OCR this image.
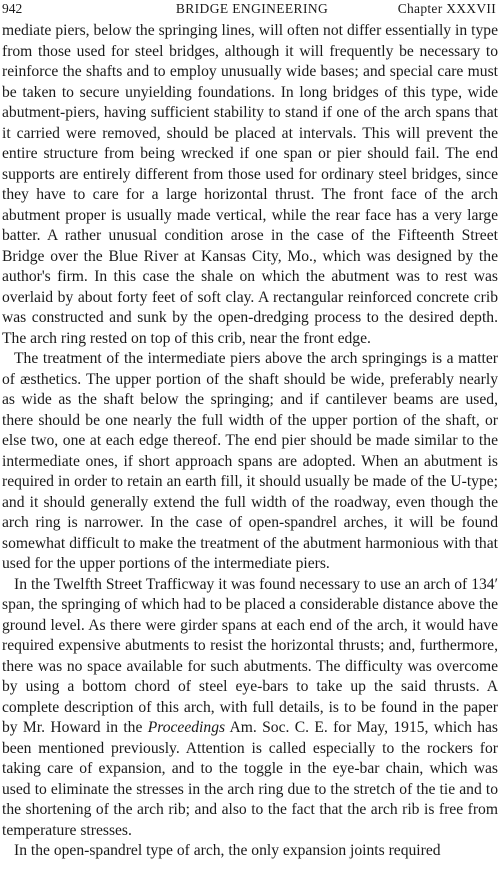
942	BRIDGE ENGINEERING	Chapter XXXVII

mediate piers, below the springing lines, will often not differ essentially in type from those used for steel bridges, although it will frequently be necessary to reinforce the shafts and to employ unusually wide bases; and special care must be taken to secure unyielding foundations. In long bridges of this type, wide abutment-piers, having sufficient stability to stand if one of the arch spans that it carried were removed, should be placed at intervals. This will prevent the entire structure from being wrecked if one span or pier should fail. The end supports are entirely different from those used for ordinary steel bridges, since they have to care for a large horizontal thrust. The front face of the arch abutment proper is usually made vertical, while the rear face has a very large batter. A rather unusual condition arose in the case of the Fifteenth Street Bridge over the Blue River at Kansas City, Mo., which was designed by the author's firm. In this case the shale on which the abutment was to rest was overlaid by about forty feet of soft clay. A rectangular reinforced concrete crib was constructed and sunk by the open-dredging process to the desired depth. The arch ring rested on top of this crib, near the front edge.

The treatment of the intermediate piers above the arch springings is a matter of æsthetics. The upper portion of the shaft should be wide, preferably nearly as wide as the shaft below the springing; and if cantilever beams are used, there should be one nearly the full width of the upper portion of the shaft, or else two, one at each edge thereof. The end pier should be made similar to the intermediate ones, if short approach spans are adopted. When an abutment is required in order to retain an earth fill, it should usually be made of the U-type; and it should generally extend the full width of the roadway, even though the arch ring is narrower. In the case of open-spandrel arches, it will be found somewhat difficult to make the treatment of the abutment harmonious with that used for the upper portions of the intermediate piers.

In the Twelfth Street Trafficway it was found necessary to use an arch of 134′ span, the springing of which had to be placed a considerable distance above the ground level. As there were girder spans at each end of the arch, it would have required expensive abutments to resist the horizontal thrusts; and, furthermore, there was no space available for such abutments. The difficulty was overcome by using a bottom chord of steel eye-bars to take up the said thrusts. A complete description of this arch, with full details, is to be found in the paper by Mr. Howard in the Proceedings Am. Soc. C. E. for May, 1915, which has been mentioned previously. Attention is called especially to the rockers for taking care of expansion, and to the toggle in the eye-bar chain, which was used to eliminate the stresses in the arch ring due to the stretch of the tie and to the shortening of the arch rib; and also to the fact that the arch rib is free from temperature stresses.

In the open-spandrel type of arch, the only expansion joints required
